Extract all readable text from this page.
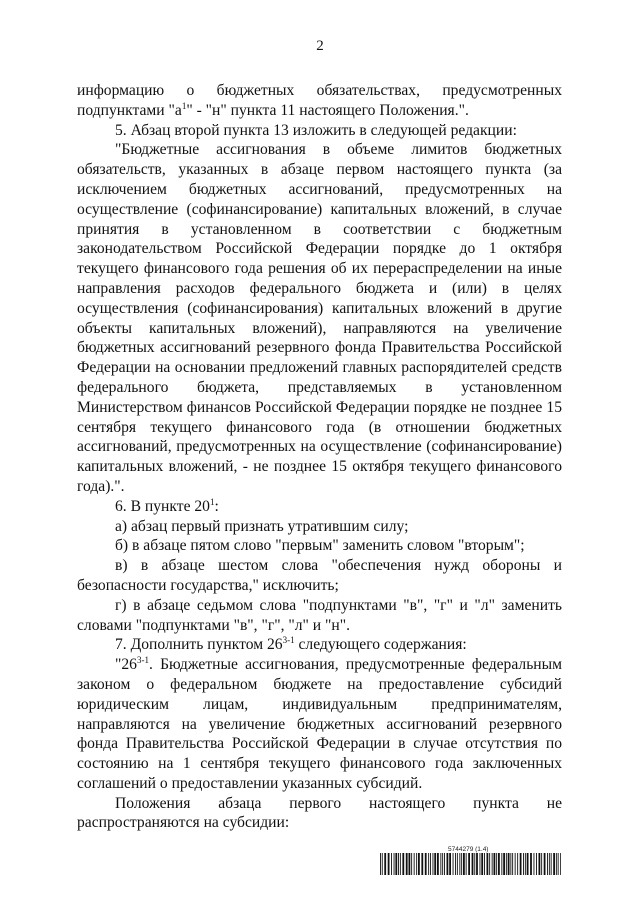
2

информацию о бюджетных обязательствах, предусмотренных подпунктами "$а^1$" - "н" пункта 11 настоящего Положения.".

5. Абзац второй пункта 13 изложить в следующей редакции:

"Бюджетные ассигнования в объеме лимитов бюджетных обязательств, указанных в абзаце первом настоящего пункта (за исключением бюджетных ассигнований, предусмотренных на осуществление (софинансирование) капитальных вложений, в случае принятия в установленном в соответствии с бюджетным законодательством Российской Федерации порядке до 1 октября текущего финансового года решения об их перераспределении на иные направления расходов федерального бюджета и (или) в целях осуществления (софинансирования) капитальных вложений в другие объекты капитальных вложений), направляются на увеличение бюджетных ассигнований резервного фонда Правительства Российской Федерации на основании предложений главных распорядителей средств федерального бюджета, представляемых в установленном Министерством финансов Российской Федерации порядке не позднее 15 сентября текущего финансового года (в отношении бюджетных ассигнований, предусмотренных на осуществление (софинансирование) капитальных вложений, - не позднее 15 октября текущего финансового года).".

6. В пункте $20^1$:

а) абзац первый признать утратившим силу;

б) в абзаце пятом слово "первым" заменить словом "вторым";

в) в абзаце шестом слова "обеспечения нужд обороны и безопасности государства," исключить;

г) в абзаце седьмом слова "подпунктами "в", "г" и "л" заменить словами "подпунктами "в", "г", "л" и "н".

7. Дополнить пунктом 26$^{3-1}$ следующего содержания:

"26$^{3-1}$. Бюджетные ассигнования, предусмотренные федеральным законом о федеральном бюджете на предоставление субсидий юридическим лицам, индивидуальным предпринимателям, направляются на увеличение бюджетных ассигнований резервного фонда Правительства Российской Федерации в случае отсутствия по состоянию на 1 сентября текущего финансового года заключенных соглашений о предоставлении указанных субсидий.

Положения абзаца первого настоящего пункта не распространяются на субсидии:

5744279 (1.4)
